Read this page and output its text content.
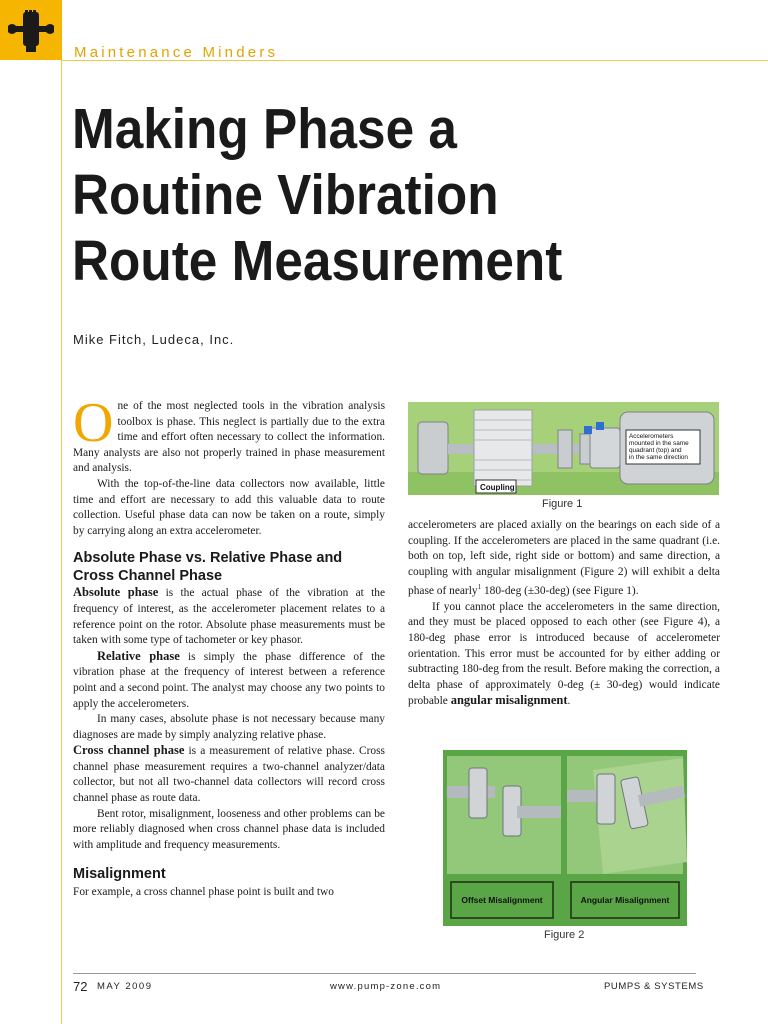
Maintenance Minders
Making Phase a
Routine Vibration
Route Measurement
Mike Fitch, Ludeca, Inc.

One of the most neglected tools in the vibration analysis toolbox is phase. This neglect is partially due to the extra time and effort often necessary to collect the information. Many analysts are also not properly trained in phase measurement and analysis.

With the top-of-the-line data collectors now available, little time and effort are necessary to add this valuable data to route collection. Useful phase data can now be taken on a route, simply by carrying along an extra accelerometer.

Absolute Phase vs. Relative Phase and Cross Channel Phase

Absolute phase is the actual phase of the vibration at the frequency of interest, as the accelerometer placement relates to a reference point on the rotor. Absolute phase measurements must be taken with some type of tachometer or key phasor.

Relative phase is simply the phase difference of the vibration phase at the frequency of interest between a reference point and a second point. The analyst may choose any two points to apply the accelerometers.

In many cases, absolute phase is not necessary because many diagnoses are made by simply analyzing relative phase.

Cross channel phase is a measurement of relative phase. Cross channel phase measurement requires a two-channel analyzer/data collector, but not all two-channel data collectors will record cross channel phase as route data.

Bent rotor, misalignment, looseness and other problems can be more reliably diagnosed when cross channel phase data is included with amplitude and frequency measurements.

Misalignment

For example, a cross channel phase point is built and two

Accelerometers mounted in the same quadrant (top) and in the same direction
Coupling
Figure 1

accelerometers are placed axially on the bearings on each side of a coupling. If the accelerometers are placed in the same quadrant (i.e. both on top, left side, right side or bottom) and same direction, a coupling with angular misalignment (Figure 2) will exhibit a delta phase of nearly$^1$ 180-deg (±30-deg) (see Figure 1).

If you cannot place the accelerometers in the same direction, and they must be placed opposed to each other (see Figure 4), a 180-deg phase error is introduced because of accelerometer orientation. This error must be accounted for by either adding or subtracting 180-deg from the result. Before making the correction, a delta phase of approximately 0-deg (± 30-deg) would indicate probable angular misalignment.

Offset Misalignment	Angular Misalignment
Figure 2
72 MAY 2009	www.pump-zone.com	PUMPS & SYSTEMS
